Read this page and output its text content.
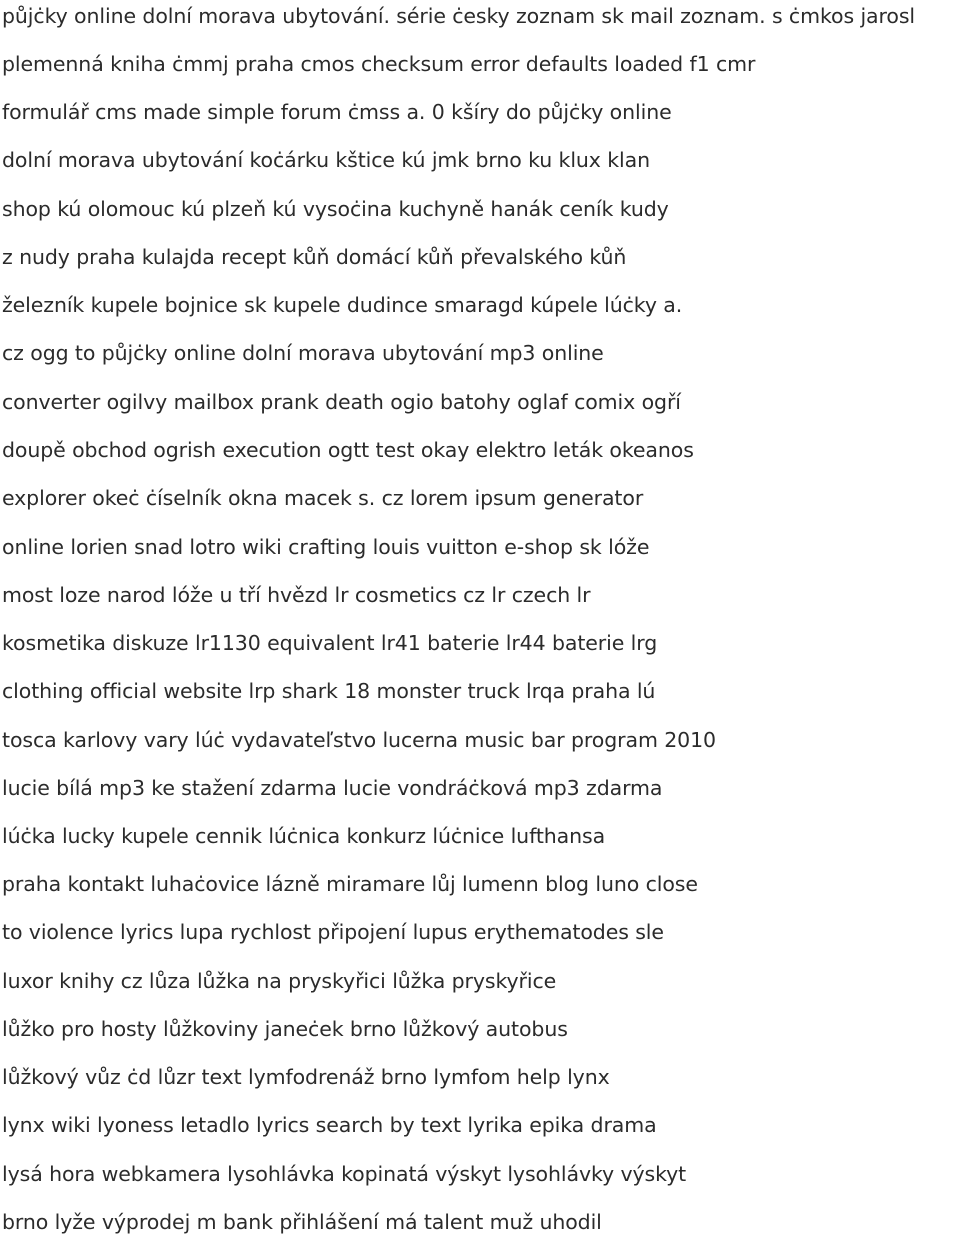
půjċky online dolní morava ubytování. série ċesky zoznam sk mail zoznam. s ċmkos jarosl
plemenná kniha ċmmj praha cmos checksum error defaults loaded f1 cmr
formulář cms made simple forum ċmss a. 0 kšíry do půjċky online
dolní morava ubytování koċárku kštice kú jmk brno ku klux klan
shop kú olomouc kú plzeň kú vysoċina kuchyně hanák ceník kudy
z nudy praha kulajda recept kůň domácí kůň převalského kůň
železník kupele bojnice sk kupele dudince smaragd kúpele lúċky a.
cz ogg to půjċky online dolní morava ubytování mp3 online
converter ogilvy mailbox prank death ogio batohy oglaf comix ogří
doupě obchod ogrish execution ogtt test okay elektro leták okeanos
explorer okeċ ċíselník okna macek s. cz lorem ipsum generator
online lorien snad lotro wiki crafting louis vuitton e-shop sk lóže
most loze narod lóže u tří hvězd lr cosmetics cz lr czech lr
kosmetika diskuze lr1130 equivalent lr41 baterie lr44 baterie lrg
clothing official website lrp shark 18 monster truck lrqa praha lú
tosca karlovy vary lúċ vydavateľstvo lucerna music bar program 2010
lucie bílá mp3 ke stažení zdarma lucie vondráċková mp3 zdarma
lúċka lucky kupele cennik lúċnica konkurz lúċnice lufthansa
praha kontakt luhaċovice lázně miramare lůj lumenn blog luno close
to violence lyrics lupa rychlost připojení lupus erythematodes sle
luxor knihy cz lůza lůžka na pryskyřici lůžka pryskyřice
lůžko pro hosty lůžkoviny janeċek brno lůžkový autobus
lůžkový vůz ċd lůzr text lymfodrenáž brno lymfom help lynx
lynx wiki lyoness letadlo lyrics search by text lyrika epika drama
lysá hora webkamera lysohlávka kopinatá výskyt lysohlávky výskyt
brno lyže výprodej m bank přihlášení má talent muž uhodil
